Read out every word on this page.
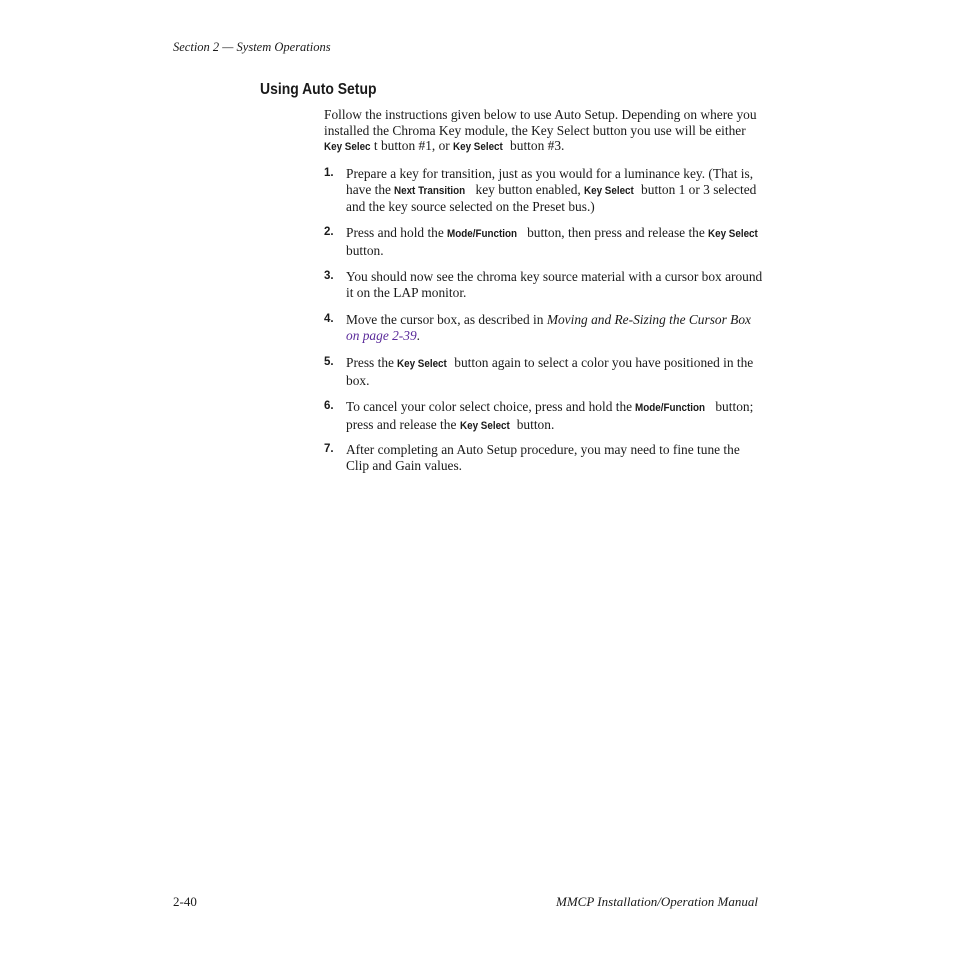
Section 2 — System Operations
Using Auto Setup
Follow the instructions given below to use Auto Setup. Depending on where you installed the Chroma Key module, the Key Select button you use will be either Key Selec t button #1, or Key Select button #3.
1. Prepare a key for transition, just as you would for a luminance key. (That is, have the Next Transition key button enabled, Key Select button 1 or 3 selected and the key source selected on the Preset bus.)
2. Press and hold the Mode/Function button, then press and release the Key Select button.
3. You should now see the chroma key source material with a cursor box around it on the LAP monitor.
4. Move the cursor box, as described in Moving and Re-Sizing the Cursor Box on page 2-39.
5. Press the Key Select button again to select a color you have positioned in the box.
6. To cancel your color select choice, press and hold the Mode/Function button; press and release the Key Select button.
7. After completing an Auto Setup procedure, you may need to fine tune the Clip and Gain values.
2-40	MMCP Installation/Operation Manual
